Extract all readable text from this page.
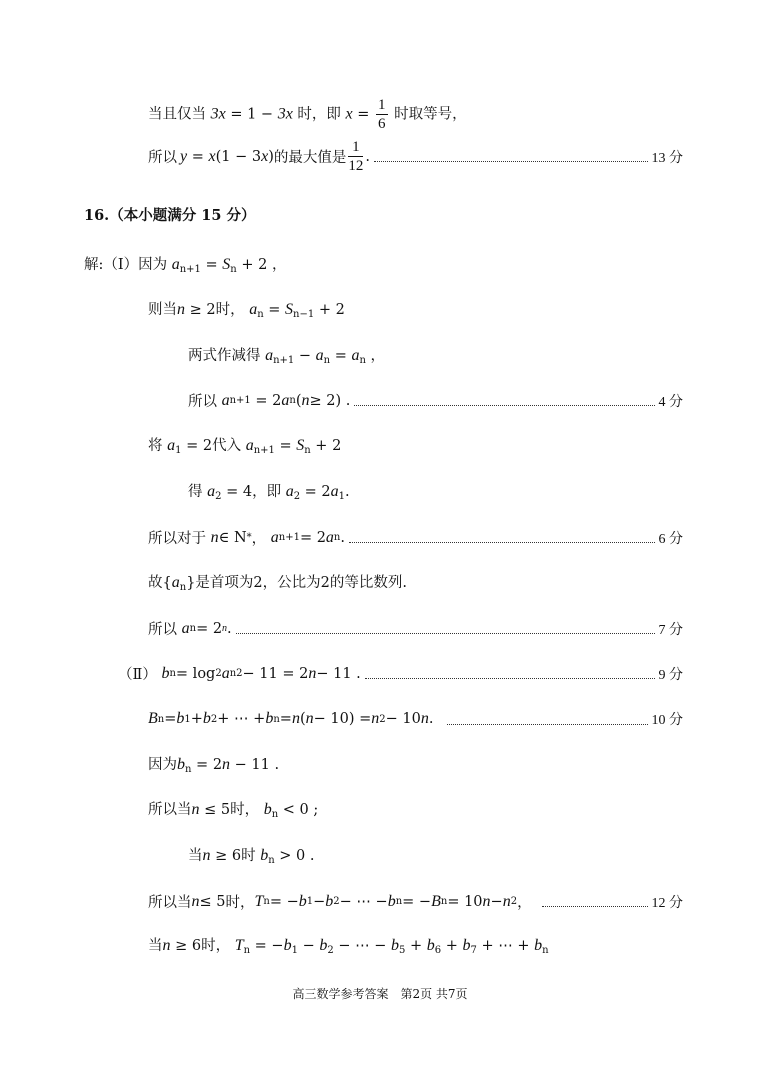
当且仅当 3x = 1 − 3x 时，即 $x = \frac{1}{6}$ 时取等号，
所以 y = x (1 − 3 x ) 的最大值是 $\frac{1}{12}$ .	13 分
16.（本小题满分 15 分）
解:（Ⅰ）因为 $a_{n+1} = S_n + 2$ ，
则当n ≥ 2时， $a_n = S_{n-1} + 2$
两式作减得 $a_{n+1} - a_n = a_n$ ，
所以
a n+1 = 2 a n ( n ≥ 2) .	4 分
将 $a_1 = 2$代入 $a_{n+1} = S_n + 2$
得 $a_2 = 4$，即 $a_2 = 2a_1$.
所以对于
n ∈ N * ， a n+1 = 2 a n .	6 分
故$\{a_n\}$是首项为2，公比为2的等比数列.
所以
a n = 2 n .	7 分
（Ⅱ）
b n = log 2 a n 2 − 11 = 2 n − 11 .	9 分
B n = b 1 + b 2 + ⋯ + b n = n ( n − 10) = n 2 − 10 n .	10 分
因为$b_n = 2n - 11$ .
所以当n ≤ 5时， $b_n < 0$ ;
当n ≥ 6时 $b_n > 0$ .
所以当 n ≤ 5 时， T n = − b 1 − b 2 − ⋯ − b n = − B n = 10 n − n 2 ，	12 分
当n ≥ 6时， $T_n = -b_1 - b_2$ − ⋯ − $b_5 + b_6 + b_7$ + ⋯ + $b_n$
高三数学参考答案　第2页 共7页
